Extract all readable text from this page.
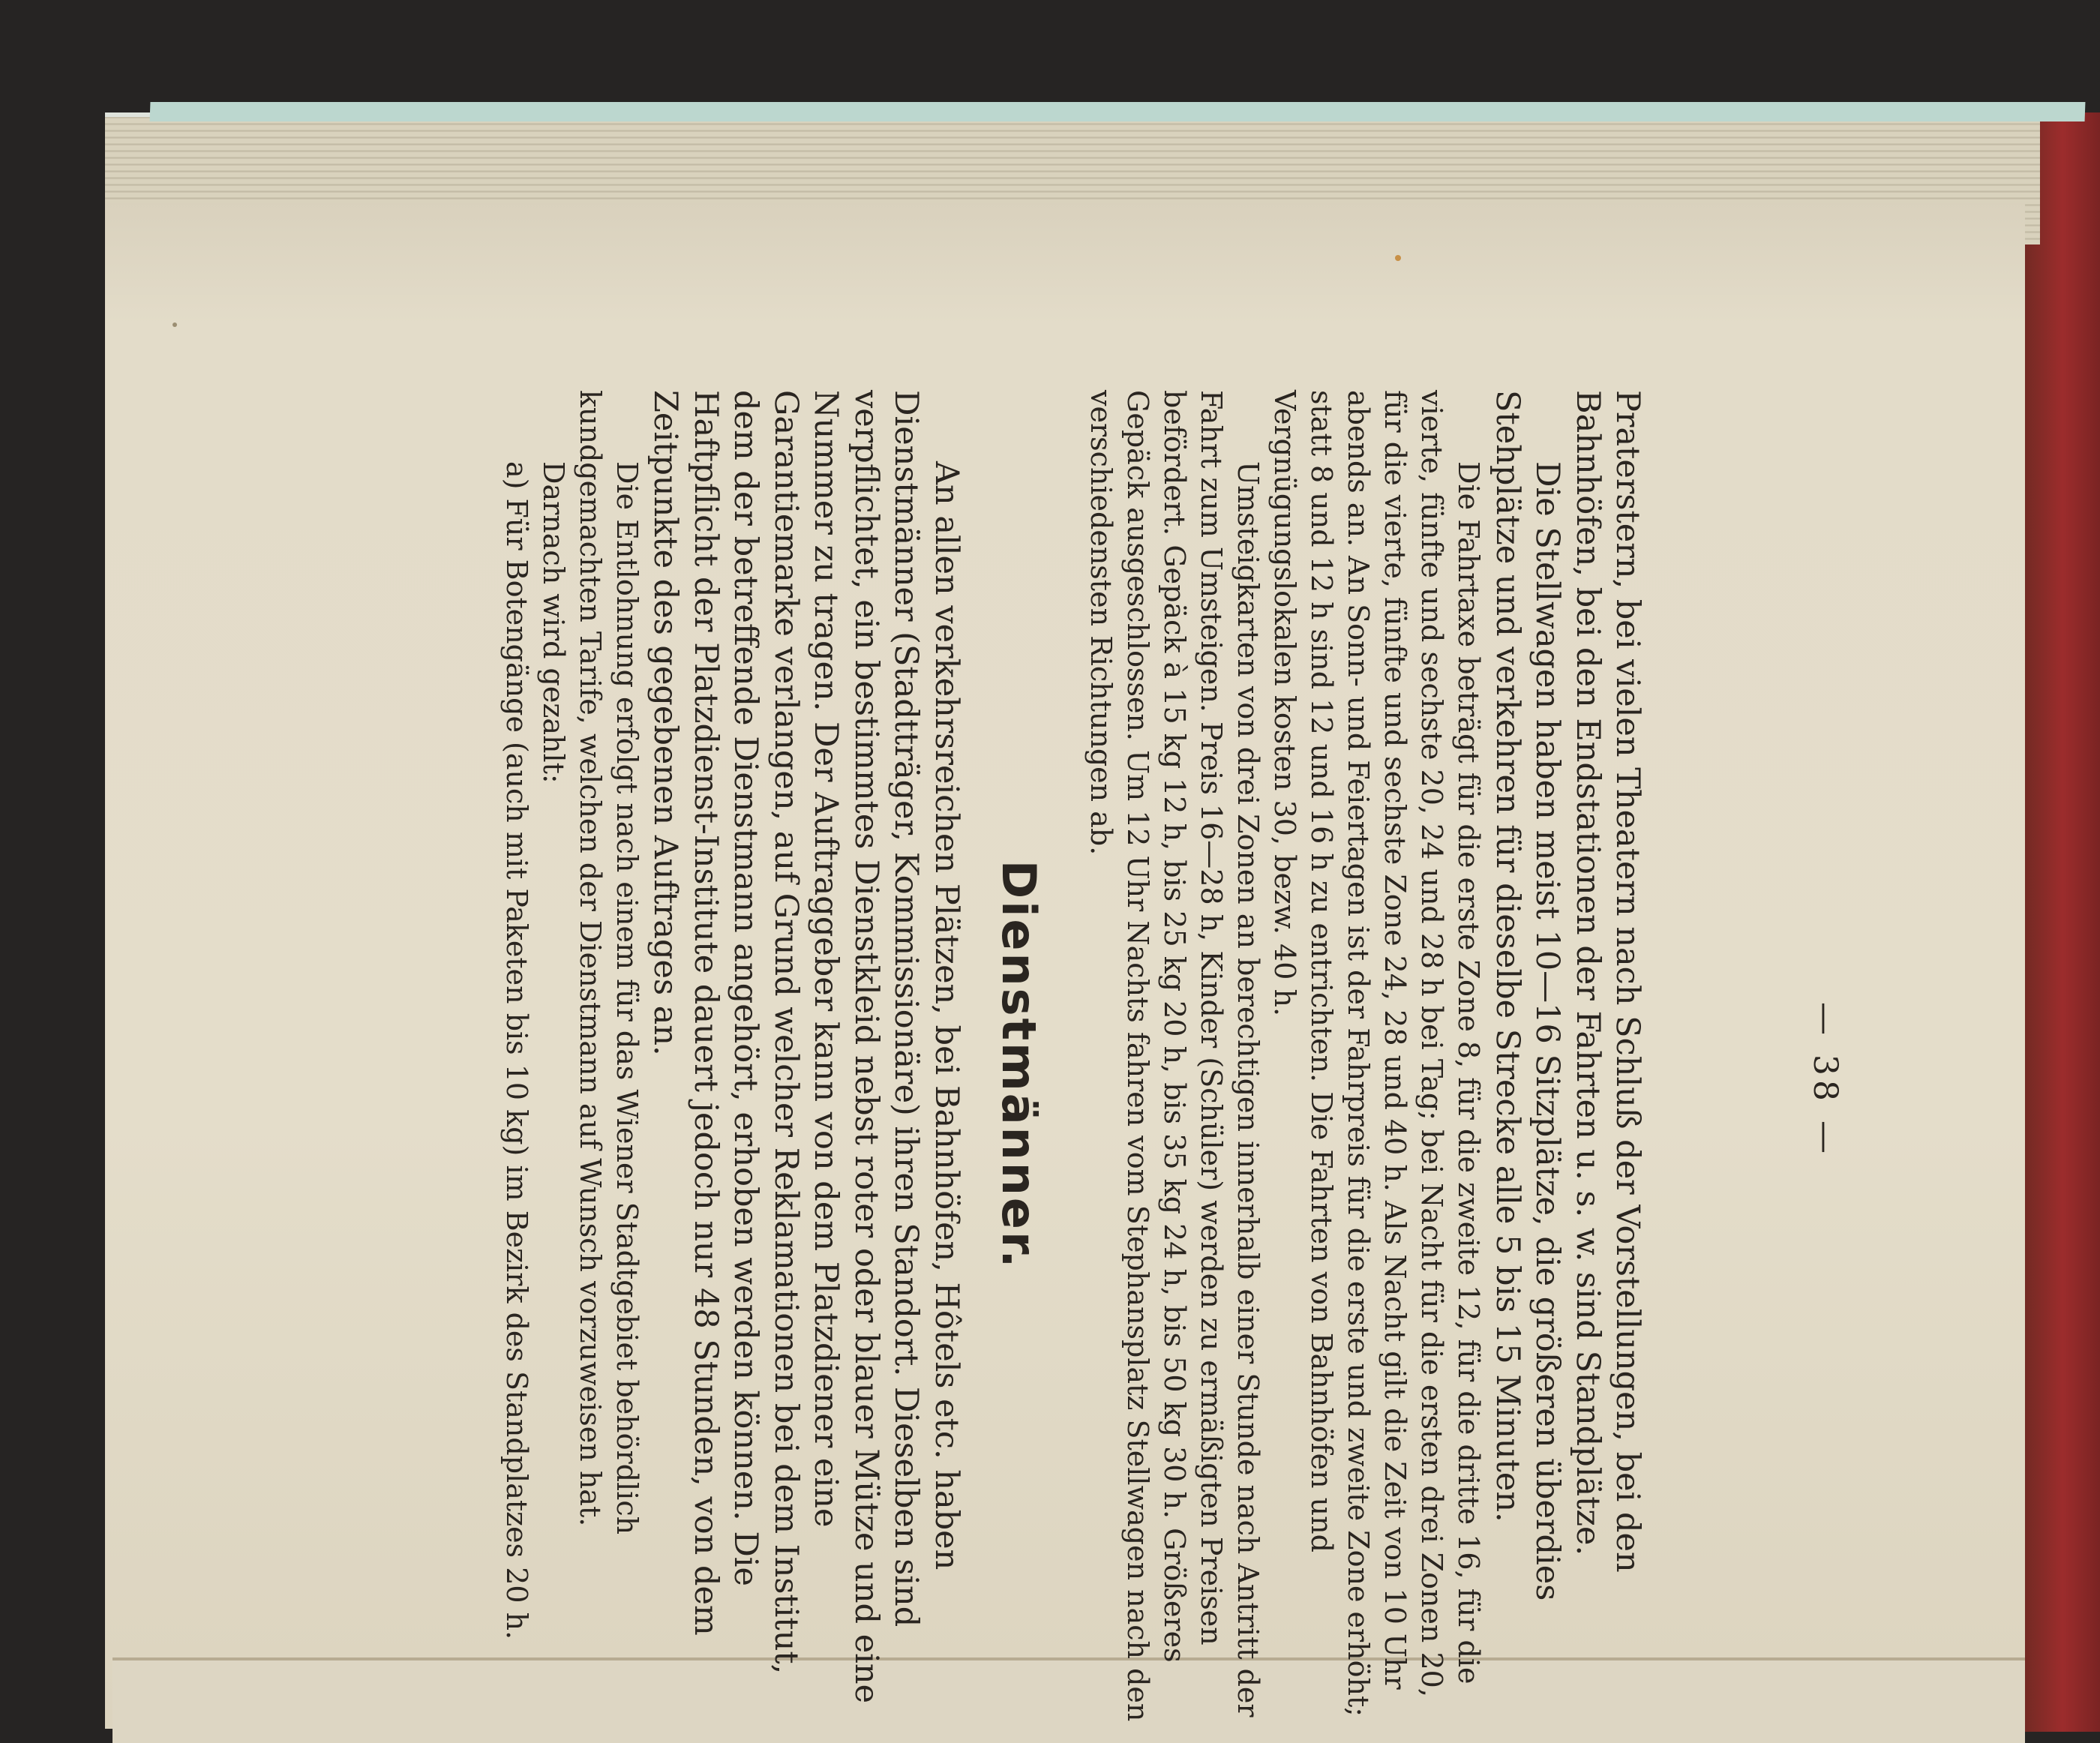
— 38 —

Praterstern, bei vielen Theatern nach Schluß der Vorstellungen, bei den Bahnhöfen, bei den Endstationen der Fahrten u. s. w. sind Standplätze.

Die Stellwagen haben meist 10—16 Sitzplätze, die größeren überdies Stehplätze und verkehren für dieselbe Strecke alle 5 bis 15 Minuten.

Die Fahrtaxe beträgt für die erste Zone 8, für die zweite 12, für die dritte 16, für die vierte, fünfte und sechste 20, 24 und 28 h bei Tag; bei Nacht für die ersten drei Zonen 20, für die vierte, fünfte und sechste Zone 24, 28 und 40 h. Als Nacht gilt die Zeit von 10 Uhr abends an. An Sonn- und Feiertagen ist der Fahrpreis für die erste und zweite Zone erhöht; statt 8 und 12 h sind 12 und 16 h zu entrichten. Die Fahrten von Bahnhöfen und Vergnügungslokalen kosten 30, bezw. 40 h.

Umsteigkarten von drei Zonen an berechtigen innerhalb einer Stunde nach Antritt der Fahrt zum Umsteigen. Preis 16—28 h, Kinder (Schüler) werden zu ermäßigten Preisen befördert. Gepäck à 15 kg 12 h, bis 25 kg 20 h, bis 35 kg 24 h, bis 50 kg 30 h. Größeres Gepäck ausgeschlossen. Um 12 Uhr Nachts fahren vom Stephansplatz Stellwagen nach den verschiedensten Richtungen ab.

Dienstmänner.

An allen verkehrsreichen Plätzen, bei Bahnhöfen, Hôtels etc. haben Dienstmänner (Stadtträger, Kommissionäre) ihren Standort. Dieselben sind verpflichtet, ein bestimmtes Dienstkleid nebst roter oder blauer Mütze und eine Nummer zu tragen. Der Auftraggeber kann von dem Platzdiener eine Garantiemarke verlangen, auf Grund welcher Reklamationen bei dem Institut, dem der betreffende Dienstmann angehört, erhoben werden können. Die Haftpflicht der Platzdienst-Institute dauert jedoch nur 48 Stunden, von dem Zeitpunkte des gegebenen Auftrages an.

Die Entlohnung erfolgt nach einem für das Wiener Stadtgebiet behördlich kundgemachten Tarife, welchen der Dienstmann auf Wunsch vorzuweisen hat.

Darnach wird gezahlt:

a) Für Botengänge (auch mit Paketen bis 10 kg) im Bezirk des Standplatzes 20 h.
